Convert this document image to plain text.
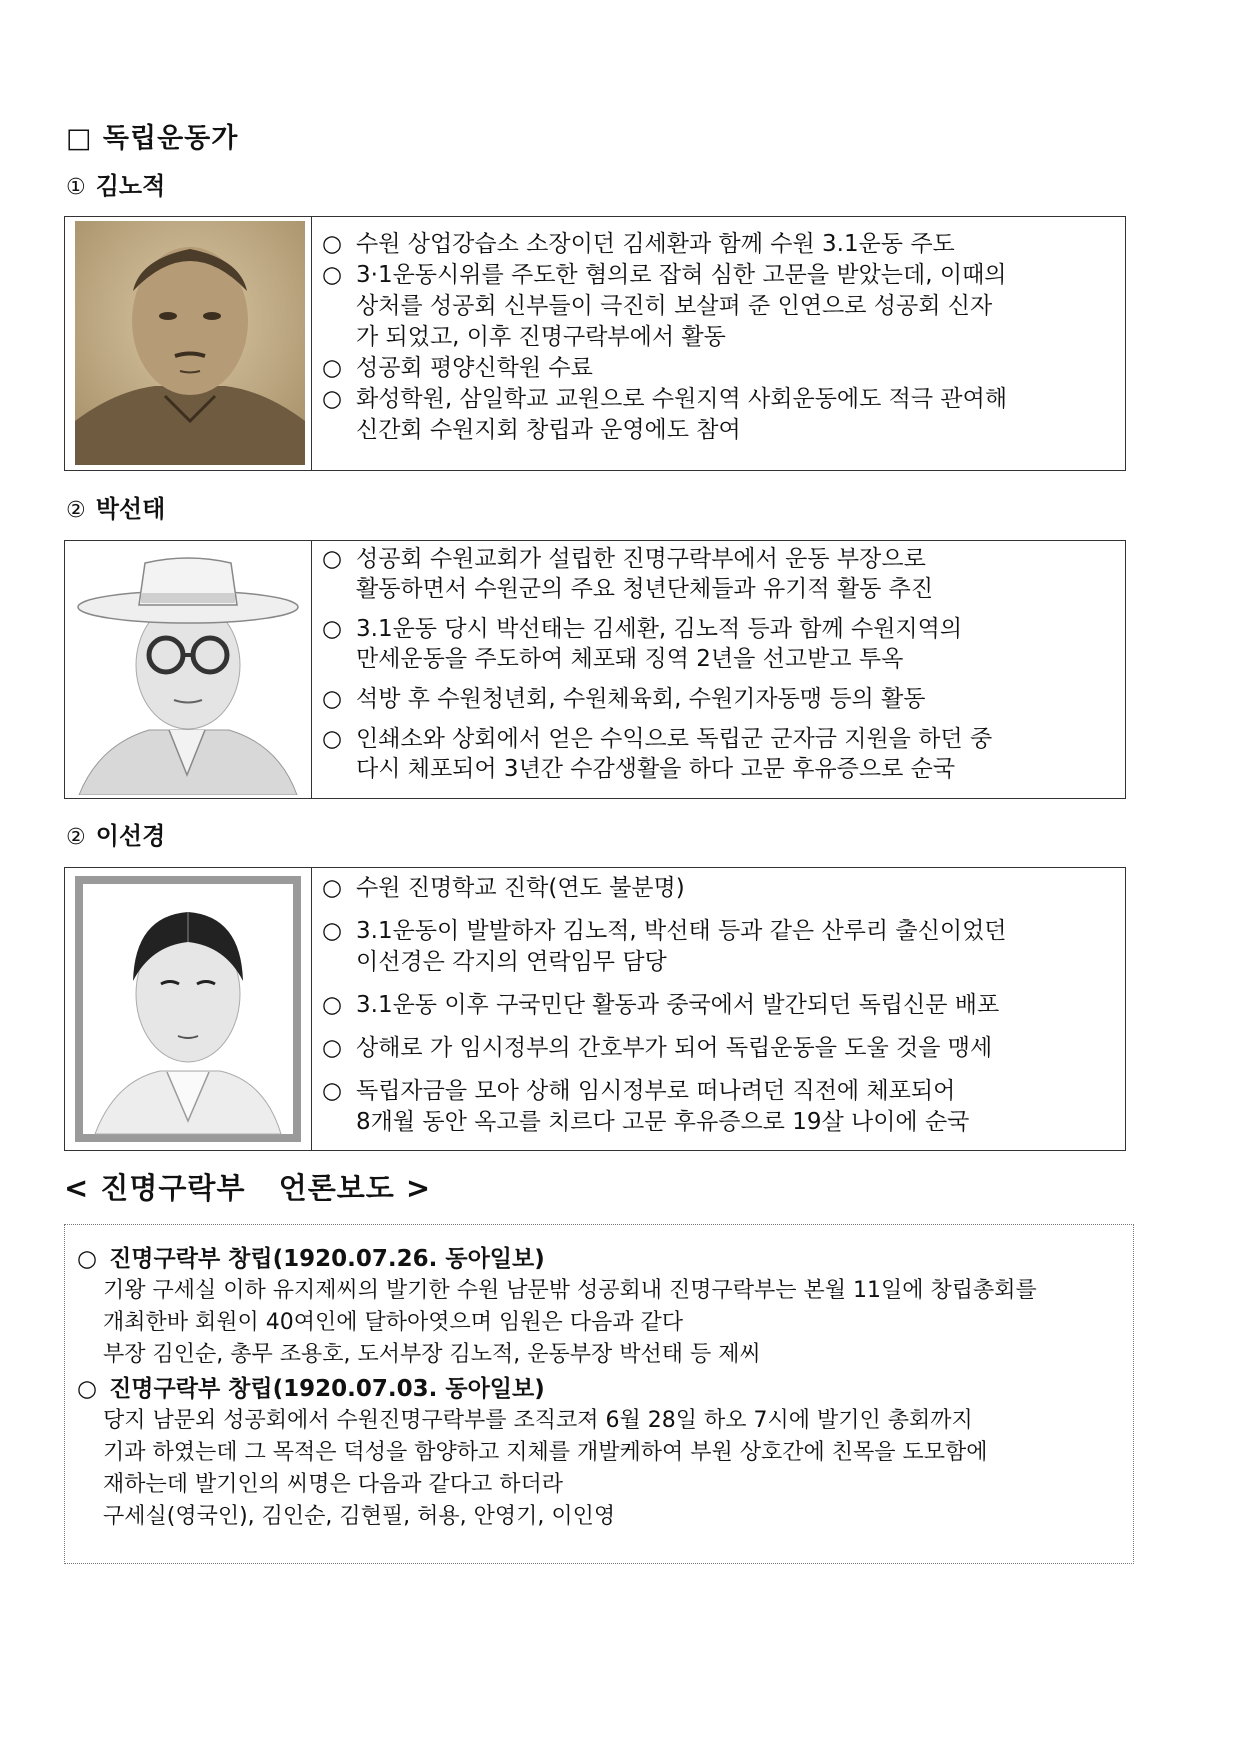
□ 독립운동가
① 김노적
○ 수원 상업강습소 소장이던 김세환과 함께 수원 3.1운동 주도
○ 3·1운동시위를 주도한 혐의로 잡혀 심한 고문을 받았는데, 이때의
상처를 성공회 신부들이 극진히 보살펴 준 인연으로 성공회 신자
가 되었고, 이후 진명구락부에서 활동
○ 성공회 평양신학원 수료
○ 화성학원, 삼일학교 교원으로 수원지역 사회운동에도 적극 관여해
신간회 수원지회 창립과 운영에도 참여
② 박선태
○ 성공회 수원교회가 설립한 진명구락부에서 운동 부장으로
활동하면서 수원군의 주요 청년단체들과 유기적 활동 추진
○ 3.1운동 당시 박선태는 김세환, 김노적 등과 함께 수원지역의
만세운동을 주도하여 체포돼 징역 2년을 선고받고 투옥
○ 석방 후 수원청년회, 수원체육회, 수원기자동맹 등의 활동
○ 인쇄소와 상회에서 얻은 수익으로 독립군 군자금 지원을 하던 중
다시 체포되어 3년간 수감생활을 하다 고문 후유증으로 순국
② 이선경
○ 수원 진명학교 진학(연도 불분명)
○ 3.1운동이 발발하자 김노적, 박선태 등과 같은 산루리 출신이었던
이선경은 각지의 연락임무 담당
○ 3.1운동 이후 구국민단 활동과 중국에서 발간되던 독립신문 배포
○ 상해로 가 임시정부의 간호부가 되어 독립운동을 도울 것을 맹세
○ 독립자금을 모아 상해 임시정부로 떠나려던 직전에 체포되어
8개월 동안 옥고를 치르다 고문 후유증으로 19살 나이에 순국
< 진명구락부   언론보도 >
○ 진명구락부 창립(1920.07.26. 동아일보)
기왕 구세실 이하 유지제씨의 발기한 수원 남문밖 성공회내 진명구락부는 본월 11일에 창립총회를
개최한바 회원이 40여인에 달하아엿으며 임원은 다음과 같다
부장 김인순, 총무 조용호, 도서부장 김노적, 운동부장 박선태 등 제씨
○ 진명구락부 창립(1920.07.03. 동아일보)
당지 남문외 성공회에서 수원진명구락부를 조직코져 6월 28일 하오 7시에 발기인 총회까지
기과 하였는데 그 목적은 덕성을 함양하고 지체를 개발케하여 부원 상호간에 친목을 도모함에
재하는데 발기인의 씨명은 다음과 같다고 하더라
구세실(영국인), 김인순, 김현필, 허용, 안영기, 이인영
